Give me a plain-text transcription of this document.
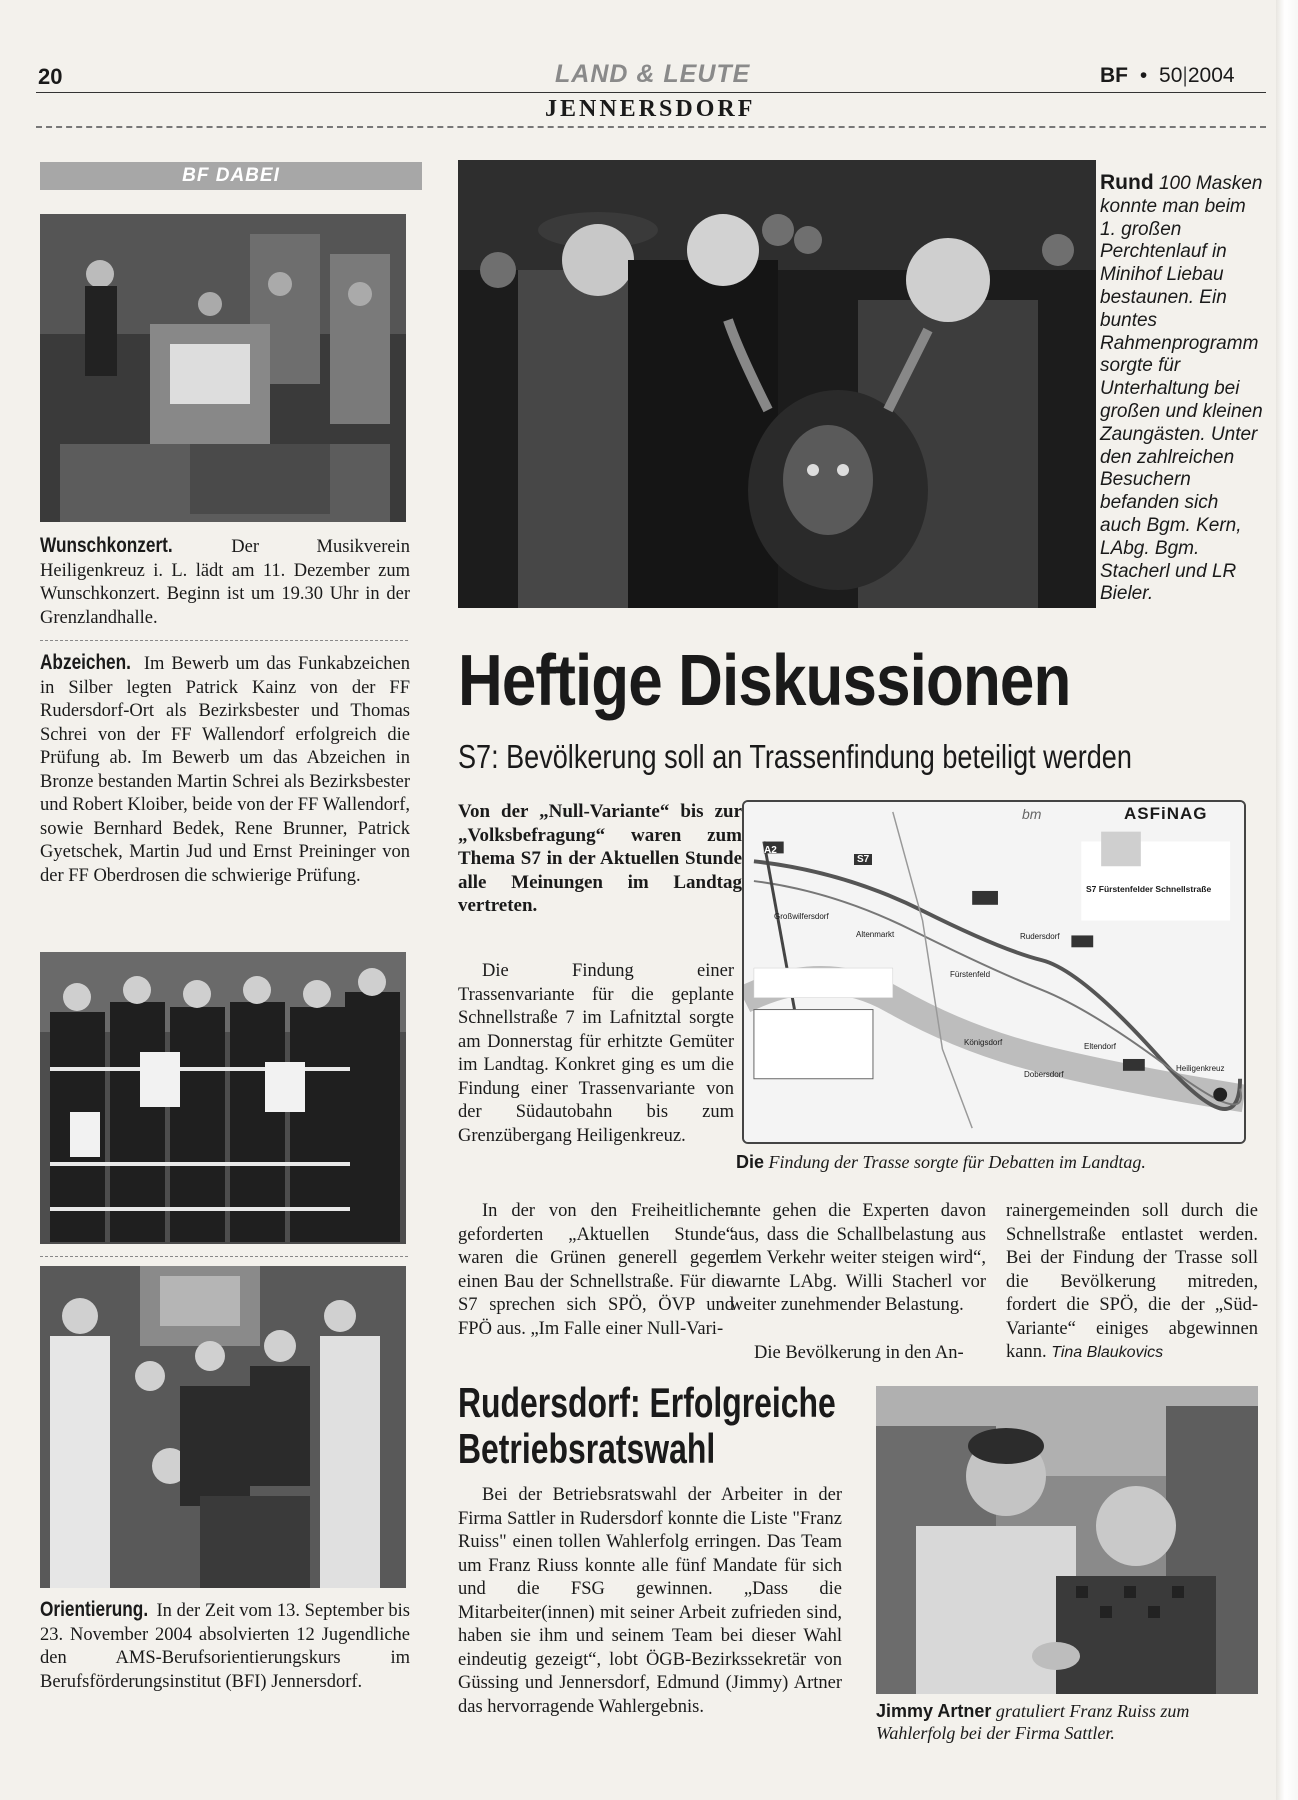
20	LAND & LEUTE	BF • 50|2004
JENNERSDORF
BF DABEI
Wunschkonzert.	Der Musikverein Heiligenkreuz i. L. lädt am 11. Dezember zum Wunschkonzert. Beginn ist um 19.30 Uhr in der Grenzlandhalle.
Abzeichen. Im Bewerb um das Funkabzeichen in Silber legten Patrick Kainz von der FF Rudersdorf-Ort als Bezirksbester und Thomas Schrei von der FF Wallendorf erfolgreich die Prüfung ab. Im Bewerb um das Abzeichen in Bronze bestanden Martin Schrei als Bezirksbester und Robert Kloiber, beide von der FF Wallendorf, sowie Bernhard Bedek, Rene Brunner, Patrick Gyetschek, Martin Jud und Ernst Preininger von der FF Oberdrosen die schwierige Prüfung.
Orientierung. In der Zeit vom 13. September bis 23. November 2004 absolvierten 12 Jugendliche den AMS-Berufsorientierungskurs im Berufsförderungsinstitut (BFI) Jennersdorf.
Rund 100 Masken konnte man beim 1. großen Perchtenlauf in Minihof Liebau bestaunen. Ein buntes Rahmenprogramm sorgte für Unterhaltung bei großen und kleinen Zaungästen. Unter den zahlreichen Besuchern befanden sich auch Bgm. Kern, LAbg. Bgm. Stacherl und LR Bieler.
Heftige Diskussionen
S7: Bevölkerung soll an Trassenfindung beteiligt werden
Von der „Null-Variante“ bis zur „Volksbefragung“ waren zum Thema S7 in der Aktuellen Stunde alle Meinungen im Landtag vertreten.
bm	ASFiNAG
S7
A2
S7 Fürstenfelder Schnellstraße
Fürstenfeld
Heiligenkreuz
Altenmarkt	Rudersdorf
Eltendorf
Großwilfersdorf
Dobersdorf
Königsdorf
Die Findung der Trasse sorgte für Debatten im Landtag.
Die Findung einer Trassenvariante für die geplante Schnellstraße 7 im Lafnitztal sorgte am Donnerstag für erhitzte Gemüter im Landtag. Konkret ging es um die Findung einer Trassenvariante von der Südautobahn bis zum Grenzübergang Heiligenkreuz.
In der von den Freiheitlichen geforderten „Aktuellen Stunde“ waren die Grünen generell gegen einen Bau der Schnellstraße. Für die S7 sprechen sich SPÖ, ÖVP und FPÖ aus. „Im Falle einer Null-Vari-
ante gehen die Experten davon aus, dass die Schallbelastung aus dem Verkehr weiter steigen wird“, warnte LAbg. Willi Stacherl vor weiter zunehmender Belastung.
Die Bevölkerung in den An-
rainergemeinden soll durch die Schnellstraße entlastet werden. Bei der Findung der Trasse soll die Bevölkerung mitreden, fordert die SPÖ, die der „Süd-Variante“ einiges abgewinnen kann. Tina Blaukovics
Rudersdorf: Erfolgreiche
Betriebsratswahl
Bei der Betriebsratswahl der Arbeiter in der Firma Sattler in Rudersdorf konnte die Liste "Franz Ruiss" einen tollen Wahlerfolg erringen. Das Team um Franz Riuss konnte alle fünf Mandate für sich und die FSG gewinnen. „Dass die Mitarbeiter(innen) mit seiner Arbeit zufrieden sind, haben sie ihm und seinem Team bei dieser Wahl eindeutig gezeigt“, lobt ÖGB-Bezirkssekretär von Güssing und Jennersdorf, Edmund (Jimmy) Artner das hervorragende Wahlergebnis.	Jimmy Artner gratuliert Franz Ruiss zum Wahlerfolg bei der Firma Sattler.
